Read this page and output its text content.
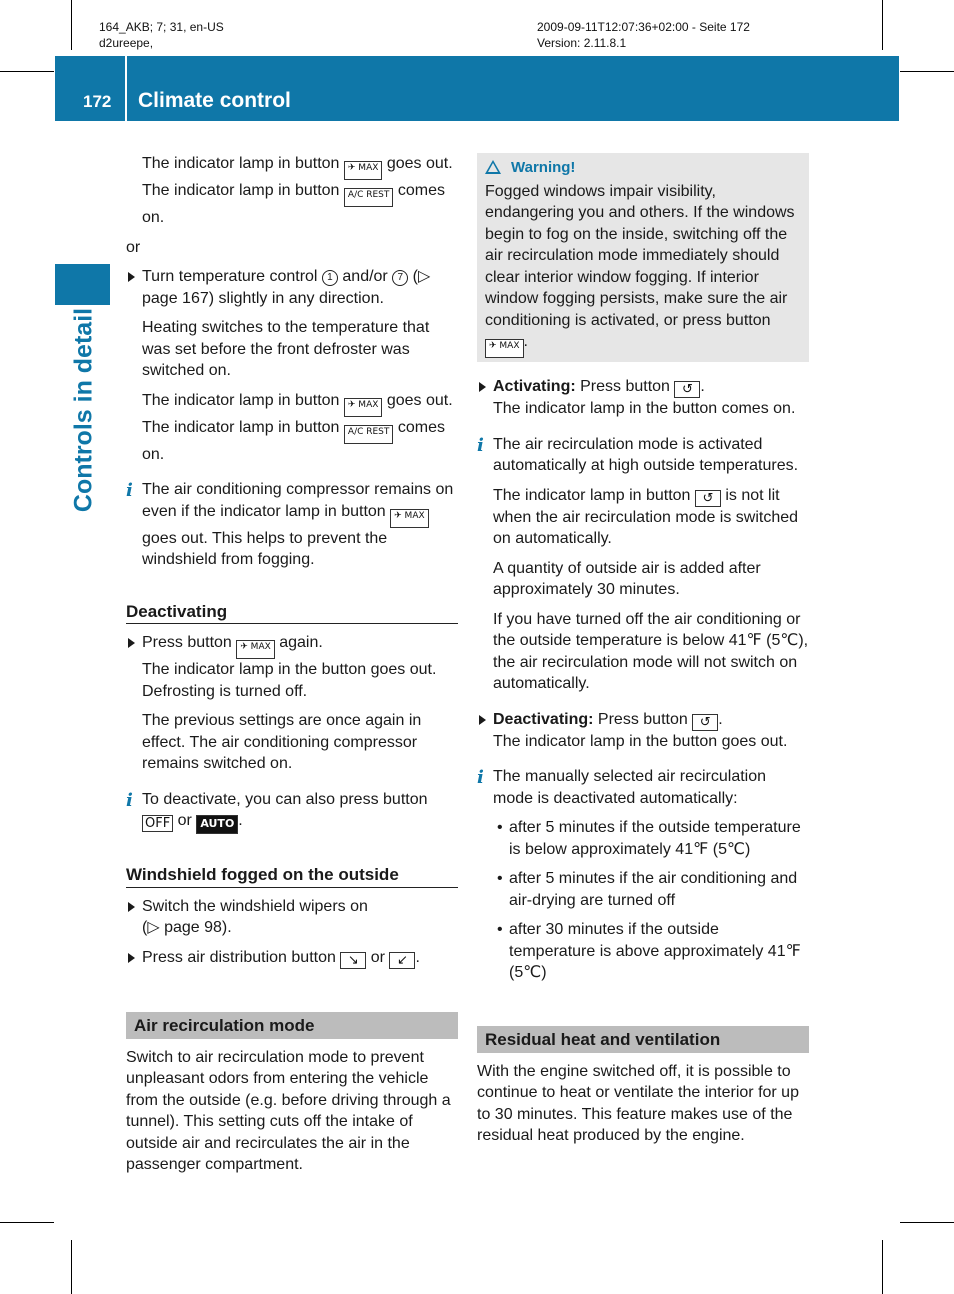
164_AKB; 7; 31, en-US
d2ureepe,
2009-09-11T12:07:36+02:00 - Seite 172
Version: 2.11.8.1
172 Climate control
Controls in detail

The indicator lamp in button ✈ MAX goes out. The indicator lamp in button A/C REST comes on.

or

Turn temperature control 1 and/or 7 (▷ page 167) slightly in any direction.

Heating switches to the temperature that was set before the front defroster was switched on.

The indicator lamp in button ✈ MAX goes out. The indicator lamp in button A/C REST comes on.

i The air conditioning compressor remains on even if the indicator lamp in button ✈ MAX goes out. This helps to prevent the windshield from fogging.

Deactivating

Press button ✈ MAX again.
The indicator lamp in the button goes out. Defrosting is turned off.

The previous settings are once again in effect. The air conditioning compressor remains switched on.

i To deactivate, you can also press button OFF or AUTO .

Windshield fogged on the outside

Switch the windshield wipers on
(▷ page 98).

Press air distribution button ↘ or ↙ .

Air recirculation mode

Switch to air recirculation mode to prevent unpleasant odors from entering the vehicle from the outside (e.g. before driving through a tunnel). This setting cuts off the intake of outside air and recirculates the air in the passenger compartment.

Warning!

Fogged windows impair visibility, endangering you and others. If the windows begin to fog on the inside, switching off the air recirculation mode immediately should clear interior window fogging. If interior window fogging persists, make sure the air conditioning is activated, or press button
✈ MAX .

Activating: Press button ↺ .
The indicator lamp in the button comes on.

i The air recirculation mode is activated automatically at high outside temperatures.

The indicator lamp in button ↺ is not lit when the air recirculation mode is switched on automatically.

A quantity of outside air is added after approximately 30 minutes.

If you have turned off the air conditioning or the outside temperature is below 41℉ (5℃), the air recirculation mode will not switch on automatically.

Deactivating: Press button ↺ .
The indicator lamp in the button goes out.

i The manually selected air recirculation mode is deactivated automatically:

• after 5 minutes if the outside temperature is below approximately 41℉ (5℃)

• after 5 minutes if the air conditioning and air-drying are turned off

• after 30 minutes if the outside temperature is above approximately 41℉ (5℃)

Residual heat and ventilation

With the engine switched off, it is possible to continue to heat or ventilate the interior for up to 30 minutes. This feature makes use of the residual heat produced by the engine.
